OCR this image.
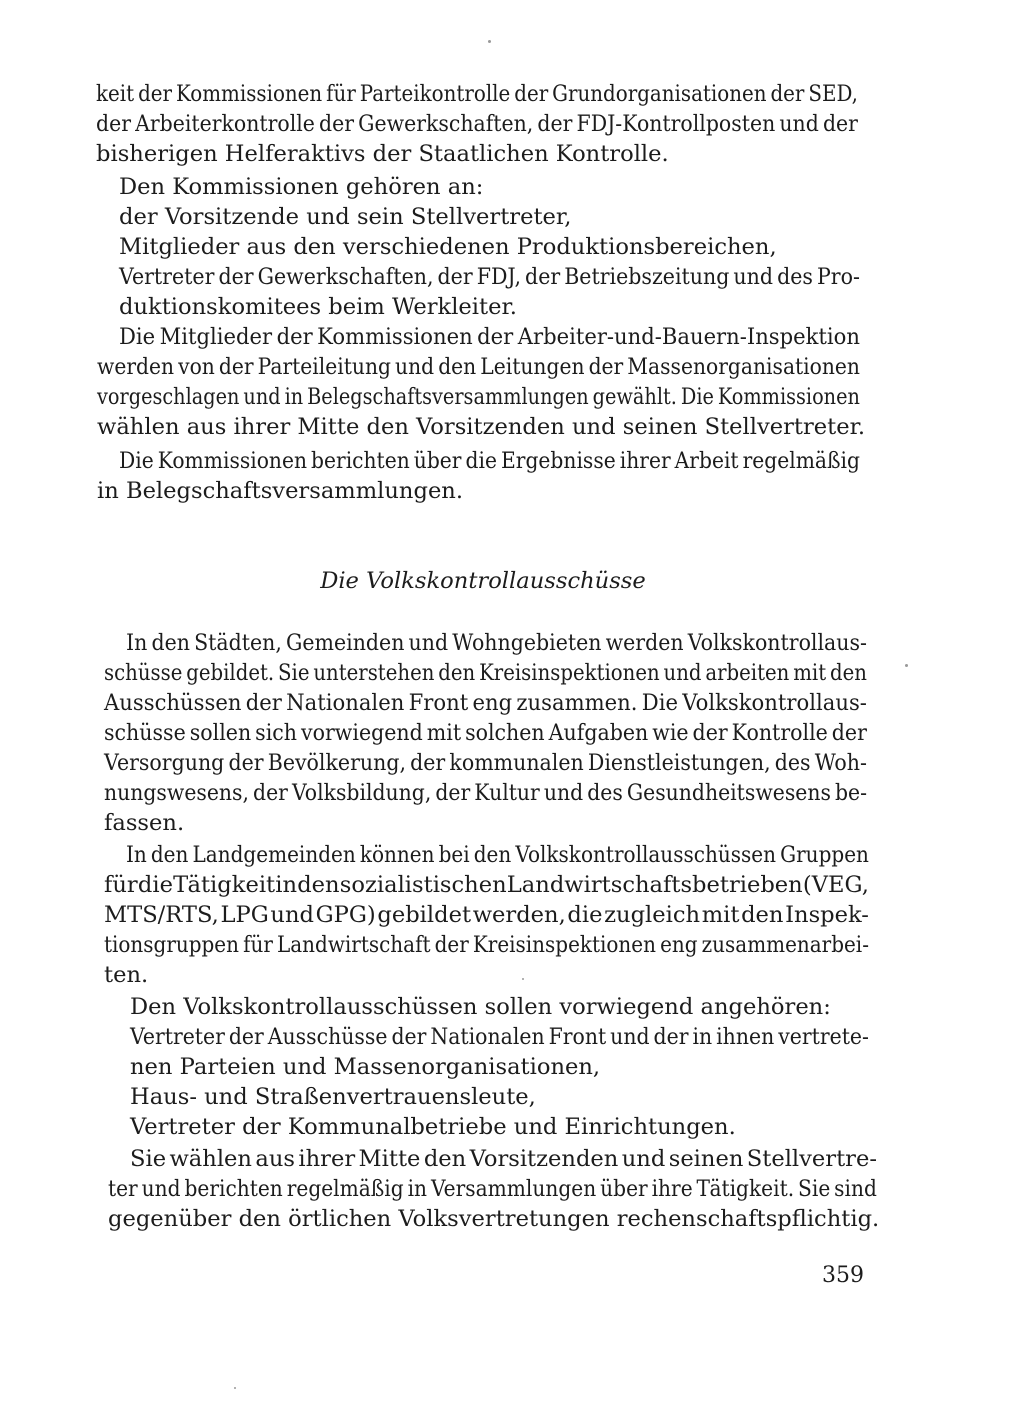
keit der Kommissionen für Parteikontrolle der Grundorganisationen der SED,
der Arbeiterkontrolle der Gewerkschaften, der FDJ-Kontrollposten und der
bisherigen Helferaktivs der Staatlichen Kontrolle.
Den Kommissionen gehören an:
der Vorsitzende und sein Stellvertreter,
Mitglieder aus den verschiedenen Produktionsbereichen,
Vertreter der Gewerkschaften, der FDJ, der Betriebszeitung und des Pro-
duktionskomitees beim Werkleiter.
Die Mitglieder der Kommissionen der Arbeiter-und-Bauern-Inspektion
werden von der Parteileitung und den Leitungen der Massenorganisationen
vorgeschlagen und in Belegschaftsversammlungen gewählt. Die Kommissionen
wählen aus ihrer Mitte den Vorsitzenden und seinen Stellvertreter.
Die Kommissionen berichten über die Ergebnisse ihrer Arbeit regelmäßig
in Belegschaftsversammlungen.
Die Volkskontrollausschüsse
In den Städten, Gemeinden und Wohngebieten werden Volkskontrollaus-
schüsse gebildet. Sie unterstehen den Kreisinspektionen und arbeiten mit den
Ausschüssen der Nationalen Front eng zusammen. Die Volkskontrollaus-
schüsse sollen sich vorwiegend mit solchen Aufgaben wie der Kontrolle der
Versorgung der Bevölkerung, der kommunalen Dienstleistungen, des Woh-
nungswesens, der Volksbildung, der Kultur und des Gesundheitswesens be-
fassen.
In den Landgemeinden können bei den Volkskontrollausschüssen Gruppen
für die Tätigkeit in den sozialistischen Landwirtschaftsbetrieben (VEG,
MTS/RTS, LPG und GPG) gebildet werden, die zugleich mit den Inspek-
tionsgruppen für Landwirtschaft der Kreisinspektionen eng zusammenarbei-
ten.
Den Volkskontrollausschüssen sollen vorwiegend angehören:
Vertreter der Ausschüsse der Nationalen Front und der in ihnen vertrete-
nen Parteien und Massenorganisationen,
Haus- und Straßenvertrauensleute,
Vertreter der Kommunalbetriebe und Einrichtungen.
Sie wählen aus ihrer Mitte den Vorsitzenden und seinen Stellvertre-
ter und berichten regelmäßig in Versammlungen über ihre Tätigkeit. Sie sind
gegenüber den örtlichen Volksvertretungen rechenschaftspflichtig.
359
